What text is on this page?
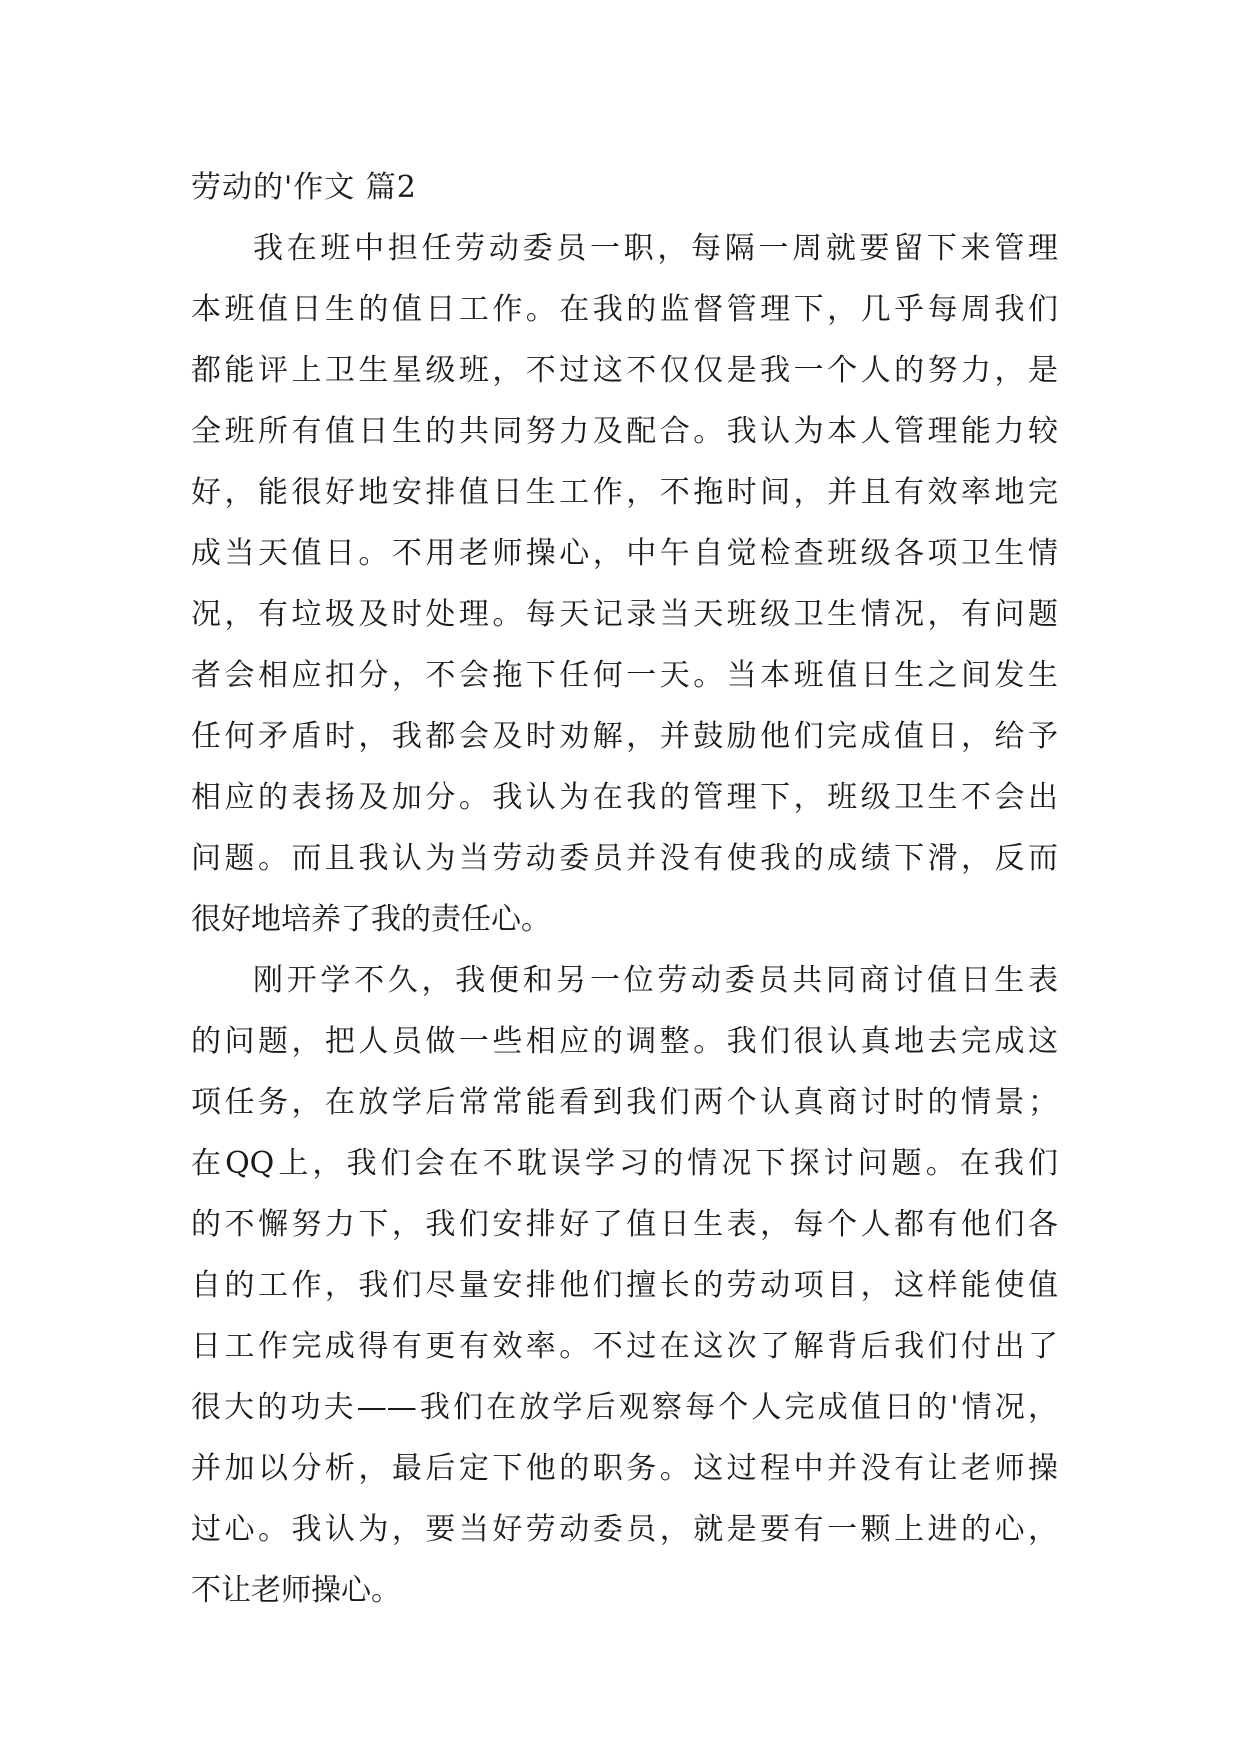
劳动的'作文 篇2
我在班中担任劳动委员一职，每隔一周就要留下来管理
本班值日生的值日工作。在我的监督管理下，几乎每周我们
都能评上卫生星级班，不过这不仅仅是我一个人的努力，是
全班所有值日生的共同努力及配合。我认为本人管理能力较
好，能很好地安排值日生工作，不拖时间，并且有效率地完
成当天值日。不用老师操心，中午自觉检查班级各项卫生情
况，有垃圾及时处理。每天记录当天班级卫生情况，有问题
者会相应扣分，不会拖下任何一天。当本班值日生之间发生
任何矛盾时，我都会及时劝解，并鼓励他们完成值日，给予
相应的表扬及加分。我认为在我的管理下，班级卫生不会出
问题。而且我认为当劳动委员并没有使我的成绩下滑，反而
很好地培养了我的责任心。
刚开学不久，我便和另一位劳动委员共同商讨值日生表
的问题，把人员做一些相应的调整。我们很认真地去完成这
项任务，在放学后常常能看到我们两个认真商讨时的情景；
在QQ上，我们会在不耽误学习的情况下探讨问题。在我们
的不懈努力下，我们安排好了值日生表，每个人都有他们各
自的工作，我们尽量安排他们擅长的劳动项目，这样能使值
日工作完成得有更有效率。不过在这次了解背后我们付出了
很大的功夫——我们在放学后观察每个人完成值日的'情况，
并加以分析，最后定下他的职务。这过程中并没有让老师操
过心。我认为，要当好劳动委员，就是要有一颗上进的心，
不让老师操心。
